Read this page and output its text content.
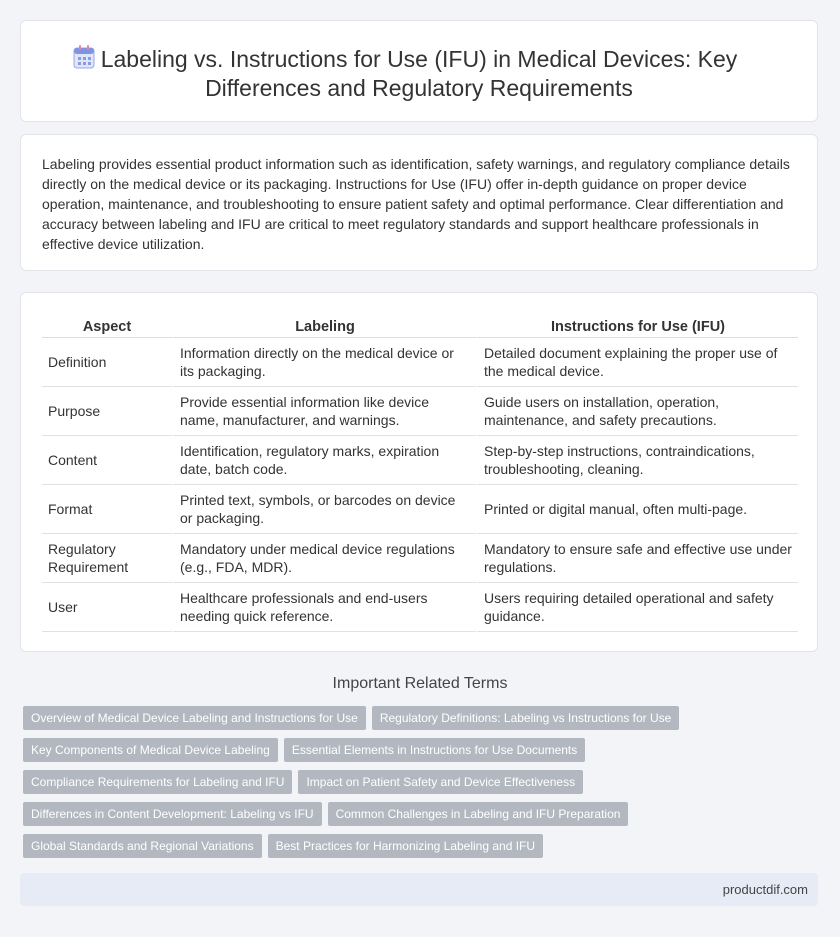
Labeling vs. Instructions for Use (IFU) in Medical Devices: Key Differences and Regulatory Requirements

Labeling provides essential product information such as identification, safety warnings, and regulatory compliance details directly on the medical device or its packaging. Instructions for Use (IFU) offer in-depth guidance on proper device operation, maintenance, and troubleshooting to ensure patient safety and optimal performance. Clear differentiation and accuracy between labeling and IFU are critical to meet regulatory standards and support healthcare professionals in effective device utilization.

Aspect	Labeling	Instructions for Use (IFU)
Definition	Information directly on the medical device or its packaging.	Detailed document explaining the proper use of the medical device.
Purpose	Provide essential information like device name, manufacturer, and warnings.	Guide users on installation, operation, maintenance, and safety precautions.
Content	Identification, regulatory marks, expiration date, batch code.	Step-by-step instructions, contraindications, troubleshooting, cleaning.
Format	Printed text, symbols, or barcodes on device or packaging.	Printed or digital manual, often multi-page.
Regulatory Requirement	Mandatory under medical device regulations (e.g., FDA, MDR).	Mandatory to ensure safe and effective use under regulations.
User	Healthcare professionals and end-users needing quick reference.	Users requiring detailed operational and safety guidance.
Important Related Terms
Overview of Medical Device Labeling and Instructions for Use Regulatory Definitions: Labeling vs Instructions for Use
Key Components of Medical Device Labeling Essential Elements in Instructions for Use Documents
Compliance Requirements for Labeling and IFU Impact on Patient Safety and Device Effectiveness
Differences in Content Development: Labeling vs IFU Common Challenges in Labeling and IFU Preparation
Global Standards and Regional Variations Best Practices for Harmonizing Labeling and IFU
productdif.com
